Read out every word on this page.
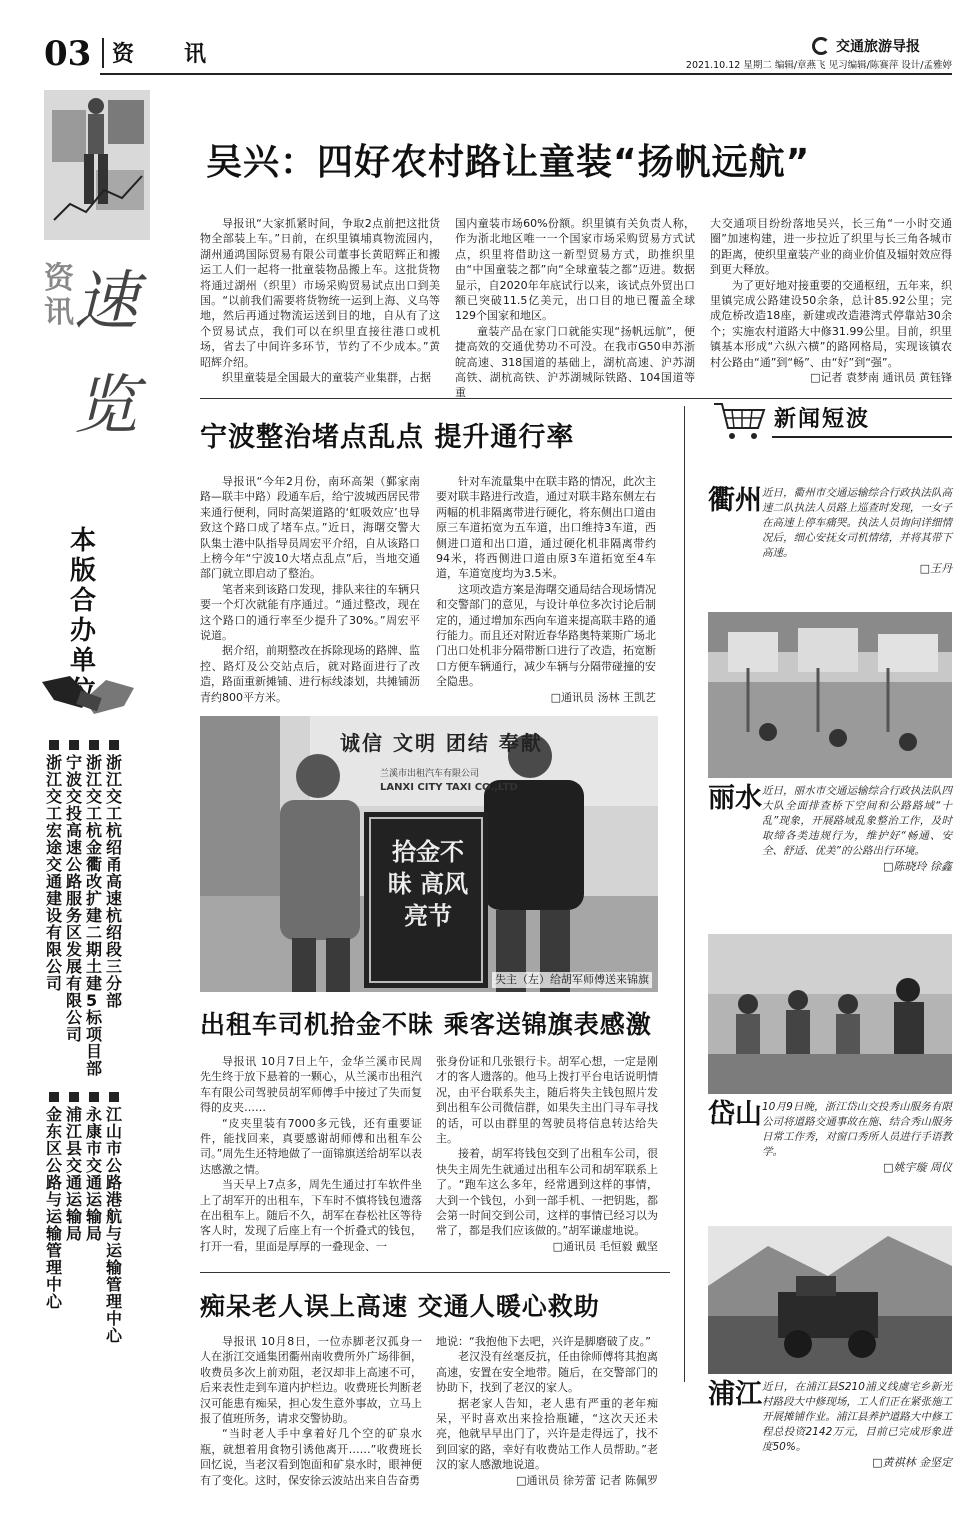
03 资　讯	交通旅游导报
2021.10.12 星期二 编辑/章燕飞 见习编辑/陈赛萍 设计/孟雅婷
资
讯 速览
本版合办单
浙江交工杭绍甬高速杭绍段三分部
浙江交工杭金衢改扩建二期土建5标项目部
宁波交投高速公路服务区发展有限公司
浙江交工宏途交通建设有限公司
江山市公路港航与运输管理中心
永康市交通运输局
浦江县交通运输局
金东区公路与运输管理中心
吴兴：四好农村路让童装“扬帆远航”

导报讯“大家抓紧时间，争取2点前把这批货物全部装上车。”日前，在织里镇埔真物流园内，湖州通鸿国际贸易有限公司董事长黄昭辉正和搬运工人们一起将一批童装物品搬上车。这批货物将通过湖州（织里）市场采购贸易试点出口到美国。“以前我们需要将货物统一运到上海、义乌等地，然后再通过物流运送到目的地，自从有了这个贸易试点，我们可以在织里直接往港口或机场，省去了中间许多环节，节约了不少成本。”黄昭辉介绍。

织里童装是全国最大的童装产业集群，占据

国内童装市场60%份额。织里镇有关负责人称，作为浙北地区唯一一个国家市场采购贸易方式试点，织里将借助这一新型贸易方式，助推织里由“中国童装之都”向“全球童装之都”迈进。数据显示，自2020年年底试行以来，该试点外贸出口额已突破11.5亿美元，出口目的地已覆盖全球129个国家和地区。

童装产品在家门口就能实现“扬帆远航”，便捷高效的交通优势功不可没。在我市G50申苏浙皖高速、318国道的基础上，湖杭高速、沪苏湖高铁、湖杭高铁、沪苏湖城际铁路、104国道等重

大交通项目纷纷落地吴兴，长三角“一小时交通圈”加速构建，进一步拉近了织里与长三角各城市的距离，使织里童装产业的商业价值及辐射效应得到更大释放。

为了更好地对接重要的交通枢纽，五年来，织里镇完成公路建设50余条，总计85.92公里；完成危桥改造18座，新建或改造港湾式停靠站30余个；实施农村道路大中修31.99公里。目前，织里镇基本形成“六纵六横”的路网格局，实现该镇农村公路由“通”到“畅”、由“好”到“强”。

□记者 袁梦南 通讯员 黄钰锋
宁波整治堵点乱点 提升通行率

导报讯“今年2月份，南环高架（鄞家南路—联丰中路）段通车后，给宁波城西居民带来通行便利，同时高架道路的‘虹吸效应’也导致这个路口成了堵车点。”近日，海曙交警大队集士港中队指导员周宏平介绍，自从该路口上榜今年“宁波10大堵点乱点”后，当地交通部门就立即启动了整治。

笔者来到该路口发现，排队来往的车辆只要一个灯次就能有序通过。“通过整改，现在这个路口的通行率至少提升了30%。”周宏平说道。

据介绍，前期整改在拆除现场的路牌、监控、路灯及公交站点后，就对路面进行了改造，路面重新摊铺、进行标线漆划，共摊铺沥青约800平方米。

针对车流量集中在联丰路的情况，此次主要对联丰路进行改造，通过对联丰路东侧左右两幅的机非隔离带进行硬化，将东侧出口道由原三车道拓宽为五车道，出口维持3车道，西侧进口道和出口道，通过硬化机非隔离带约94米，将西侧进口道由原3车道拓宽至4车道，车道宽度均为3.5米。

这项改造方案是海曙交通局结合现场情况和交警部门的意见，与设计单位多次讨论后制定的，通过增加东西向车道来提高联丰路的通行能力。而且还对附近春华路奥特莱斯广场北门出口处机非分隔带断口进行了改造，拓宽断口方便车辆通行，减少车辆与分隔带碰撞的安全隐患。

□通讯员 汤林 王凯艺
诚信 文明 团结 奉献
兰溪市出租汽车有限公司
LANXI CITY TAXI CO.,LTD
拾金不昧 高风亮节
失主（左）给胡军师傅送来锦旗
出租车司机拾金不昧 乘客送锦旗表感激

导报讯 10月7日上午，金华兰溪市民周先生终于放下悬着的一颗心，从兰溪市出租汽车有限公司驾驶员胡军师傅手中接过了失而复得的皮夹……

“皮夹里装有7000多元钱，还有重要证件，能找回来，真要感谢胡师傅和出租车公司。”周先生还特地做了一面锦旗送给胡军以表达感激之情。

当天早上7点多，周先生通过打车软件坐上了胡军开的出租车，下车时不慎将钱包遗落在出租车上。随后不久，胡军在春松社区等待客人时，发现了后座上有一个折叠式的钱包，打开一看，里面是厚厚的一叠现金、一

张身份证和几张银行卡。胡军心想，一定是刚才的客人遗落的。他马上拨打平台电话说明情况，由平台联系失主，随后将失主钱包照片发到出租车公司微信群，如果失主出门寻车寻找的话，可以由群里的驾驶员将信息转达给失主。

接着，胡军将钱包交到了出租车公司，很快失主周先生就通过出租车公司和胡军联系上了。“跑车这么多年，经常遇到这样的事情，大到一个钱包，小到一部手机、一把钥匙，都会第一时间交到公司，这样的事情已经习以为常了，都是我们应该做的。”胡军谦虚地说。

□通讯员 毛恒毅 戴坚
痴呆老人误上高速 交通人暖心救助

导报讯 10月8日，一位赤脚老汉孤身一人在浙江交通集团衢州南收费所外广场徘徊，收费员多次上前劝阻，老汉却非上高速不可，后来表性走到车道内护栏边。收费班长判断老汉可能患有痴呆，担心发生意外事故，立马上报了值班所务，请求交警协助。

“当时老人手中拿着好几个空的矿泉水瓶，就想着用食物引诱他离开……”收费班长回忆说，当老汉看到饱面和矿泉水时，眼神便有了变化。这时，保安徐云波站出来自告奋勇

地说：“我抱他下去吧，兴许是脚磨破了皮。”

老汉没有丝毫反抗，任由徐师傅将其抱离高速，安置在安全地带。随后，在交警部门的协助下，找到了老汉的家人。

据老家人告知，老人患有严重的老年痴呆，平时喜欢出来捡拾瓶罐，“这次天还未亮，他就早早出门了，兴许是走得远了，找不到回家的路，幸好有收费站工作人员帮助。”老汉的家人感激地说道。

□通讯员 徐芳蕾 记者 陈佩罗
新闻短波
衢州 近日，衢州市交通运输综合行政执法队高速二队执法人员路上巡查时发现，一女子在高速上停车痛哭。执法人员询问详细情况后，细心安抚女司机情绪，并将其带下高速。
□王丹
丽水 近日，丽水市交通运输综合行政执法队四大队全面排查桥下空间和公路路域“十乱”现象，开展路域乱象整治工作，及时取缔各类违规行为，维护好“畅通、安全、舒适、优美”的公路出行环境。
□陈晓玲 徐鑫
岱山 10月9日晚，浙江岱山交投秀山服务有限公司将道路交通事故在施、结合秀山服务日常工作秀，对窗口秀所人员进行手语教学。
□姚宇璇 周仪
浦江 近日，在浦江县S210浦义线虞宅乡新光村路段大中修现场，工人们正在紧张施工开展摊铺作业。浦江县养护道路大中修工程总投资2142万元，目前已完成形象进度50%。
□黄祺林 金坚定
